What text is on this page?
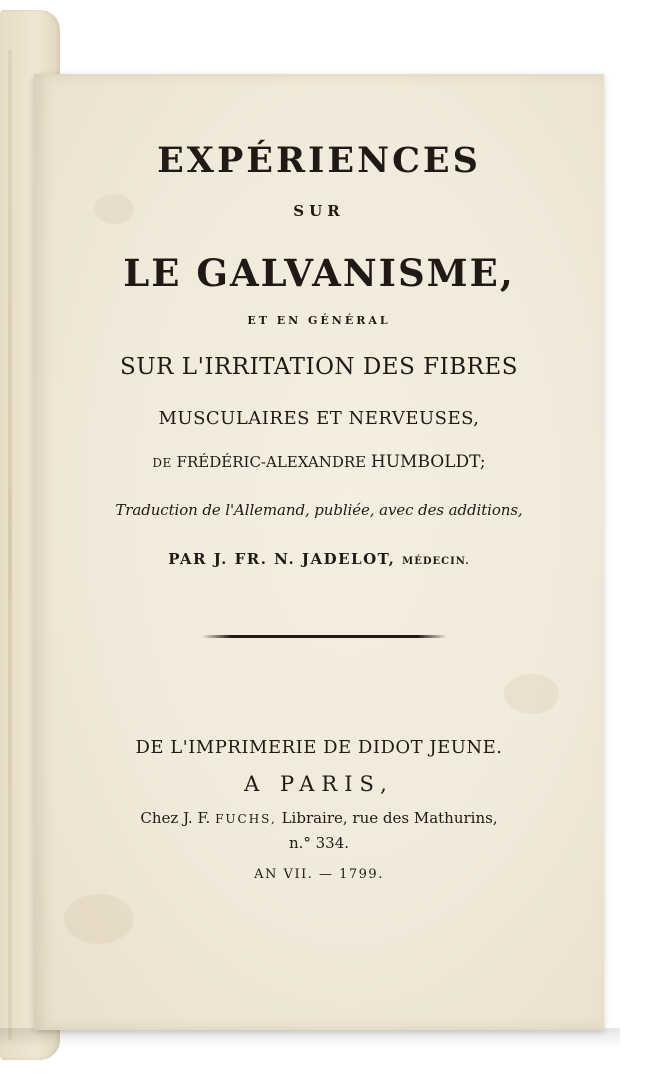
EXPÉRIENCES
SUR
LE GALVANISME,
ET EN GÉNÉRAL
SUR L'IRRITATION DES FIBRES
MUSCULAIRES ET NERVEUSES,
DE FRÉDÉRIC-ALEXANDRE HUMBOLDT;
Traduction de l'Allemand, publiée, avec des additions,
PAR J. FR. N. JADELOT, MÉDECIN.
DE L'IMPRIMERIE DE DIDOT JEUNE.
A PARIS,
Chez J. F. FUCHS, Libraire, rue des Mathurins,
n.° 334.
AN VII. — 1799.
